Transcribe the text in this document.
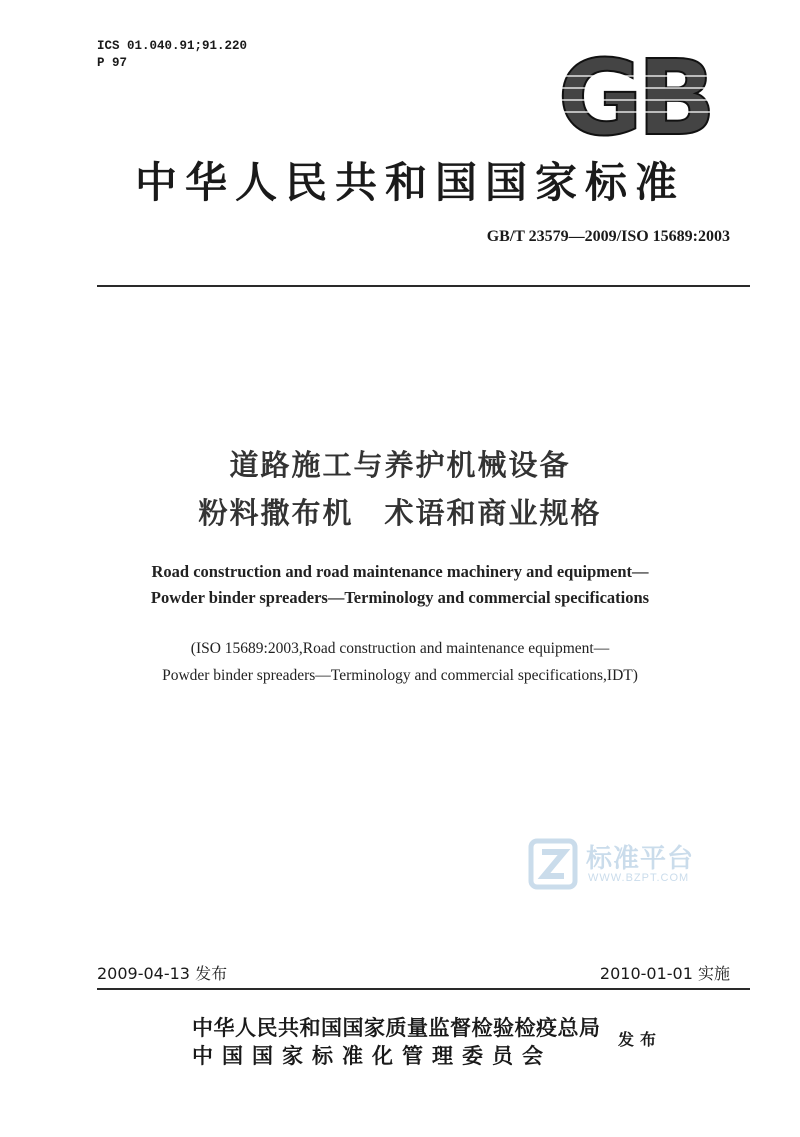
ICS 01.040.91;91.220
P 97	GB
中华人民共和国国家标准
GB/T 23579—2009/ISO 15689:2003
道路施工与养护机械设备
粉料撒布机　术语和商业规格
Road construction and road maintenance machinery and equipment—
Powder binder spreaders—Terminology and commercial specifications
(ISO 15689:2003,Road construction and maintenance equipment—
Powder binder spreaders—Terminology and commercial specifications,IDT)
标准平台
WWW.BZPT.COM
2009-04-13 发布	2010-01-01 实施
中华人民共和国国家质量监督检验检疫总局
中国国家标准化管理委员会
发布
